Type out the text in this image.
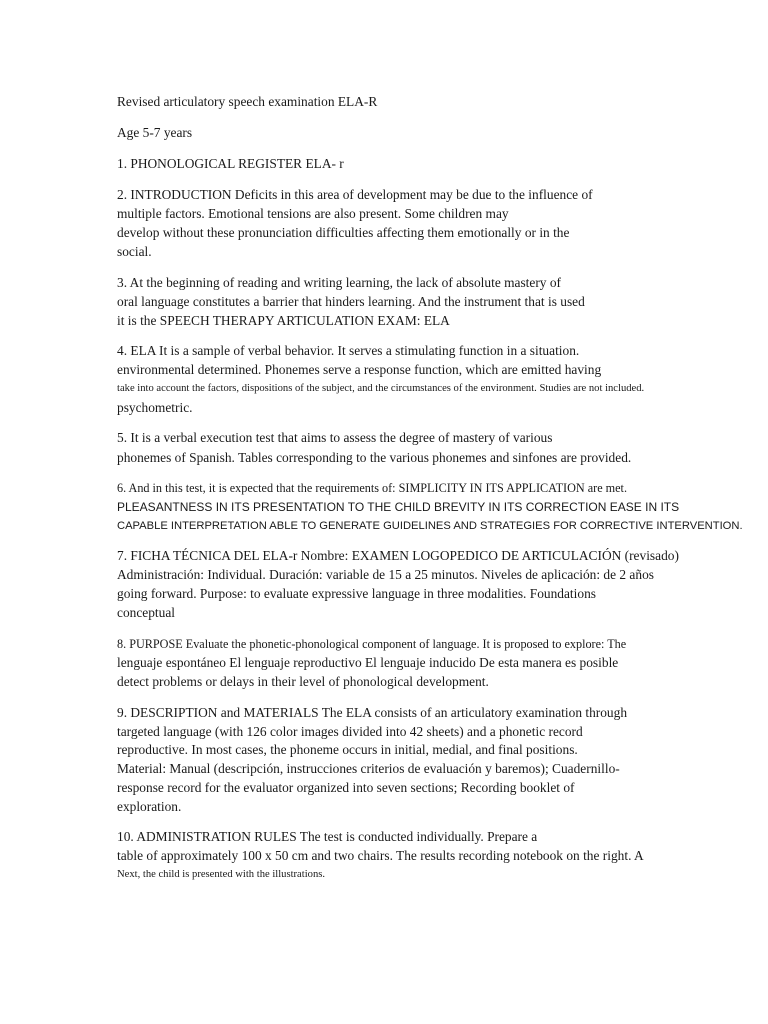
Revised articulatory speech examination ELA-R
Age 5-7 years
1. PHONOLOGICAL REGISTER ELA- r
2. INTRODUCTION Deficits in this area of development may be due to the influence of
multiple factors. Emotional tensions are also present. Some children may
develop without these pronunciation difficulties affecting them emotionally or in the
social.
3. At the beginning of reading and writing learning, the lack of absolute mastery of
oral language constitutes a barrier that hinders learning. And the instrument that is used
it is the SPEECH THERAPY ARTICULATION EXAM: ELA
4. ELA It is a sample of verbal behavior. It serves a stimulating function in a situation.
environmental determined. Phonemes serve a response function, which are emitted having
take into account the factors, dispositions of the subject, and the circumstances of the environment. Studies are not included.
psychometric.
5. It is a verbal execution test that aims to assess the degree of mastery of various
phonemes of Spanish. Tables corresponding to the various phonemes and sinfones are provided.
6. And in this test, it is expected that the requirements of: SIMPLICITY IN ITS APPLICATION are met.
PLEASANTNESS IN ITS PRESENTATION TO THE CHILD BREVITY IN ITS CORRECTION EASE IN ITS
CAPABLE INTERPRETATION ABLE TO GENERATE GUIDELINES AND STRATEGIES FOR CORRECTIVE INTERVENTION.
7. FICHA TÉCNICA DEL ELA-r Nombre: EXAMEN LOGOPEDICO DE ARTICULACIÓN (revisado)
Administración: Individual. Duración: variable de 15 a 25 minutos. Niveles de aplicación: de 2 años
going forward. Purpose: to evaluate expressive language in three modalities. Foundations
conceptual
8. PURPOSE Evaluate the phonetic-phonological component of language. It is proposed to explore: The
lenguaje espontáneo El lenguaje reproductivo El lenguaje inducido De esta manera es posible
detect problems or delays in their level of phonological development.
9. DESCRIPTION and MATERIALS The ELA consists of an articulatory examination through
targeted language (with 126 color images divided into 42 sheets) and a phonetic record
reproductive. In most cases, the phoneme occurs in initial, medial, and final positions.
Material: Manual (descripción, instrucciones criterios de evaluación y baremos); Cuadernillo-
response record for the evaluator organized into seven sections; Recording booklet of
exploration.
10. ADMINISTRATION RULES The test is conducted individually. Prepare a
table of approximately 100 x 50 cm and two chairs. The results recording notebook on the right. A
Next, the child is presented with the illustrations.
